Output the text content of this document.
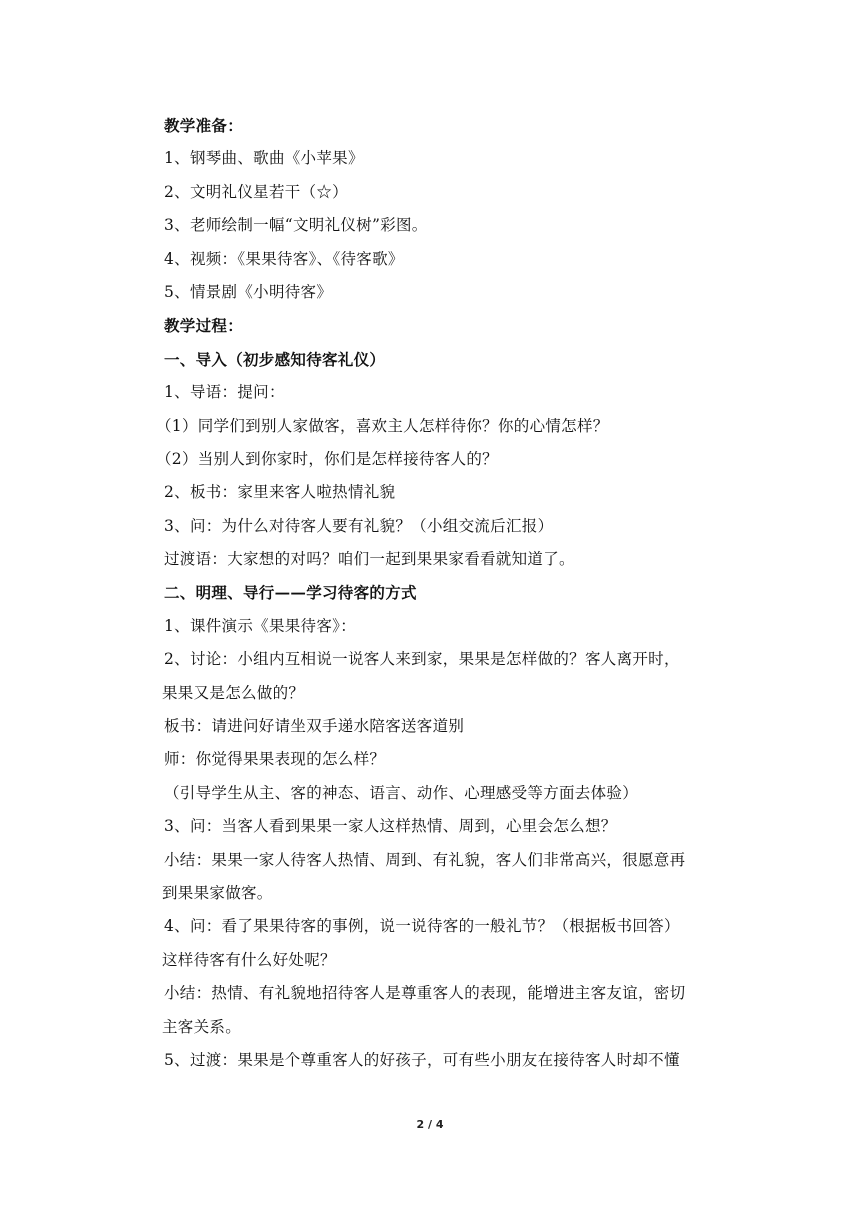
教学准备：
1、钢琴曲、歌曲《小苹果》
2、文明礼仪星若干（☆）
3、老师绘制一幅“文明礼仪树”彩图。
4、视频：《果果待客》、《待客歌》
5、情景剧《小明待客》
教学过程：
一、导入（初步感知待客礼仪）
1、导语：提问：
（1）同学们到别人家做客，喜欢主人怎样待你？你的心情怎样？
（2）当别人到你家时，你们是怎样接待客人的？
2、板书：家里来客人啦热情礼貌
3、问：为什么对待客人要有礼貌？（小组交流后汇报）
过渡语：大家想的对吗？咱们一起到果果家看看就知道了。
二、明理、导行——学习待客的方式
1、课件演示《果果待客》：
2、讨论：小组内互相说一说客人来到家，果果是怎样做的？客人离开时，
果果又是怎么做的？
板书：请进问好请坐双手递水陪客送客道别
师：你觉得果果表现的怎么样？
（引导学生从主、客的神态、语言、动作、心理感受等方面去体验）
3、问：当客人看到果果一家人这样热情、周到，心里会怎么想？
小结：果果一家人待客人热情、周到、有礼貌，客人们非常高兴，很愿意再
到果果家做客。
4、问：看了果果待客的事例，说一说待客的一般礼节？（根据板书回答）
这样待客有什么好处呢？
小结：热情、有礼貌地招待客人是尊重客人的表现，能增进主客友谊，密切
主客关系。
5、过渡：果果是个尊重客人的好孩子，可有些小朋友在接待客人时却不懂
2 / 4
